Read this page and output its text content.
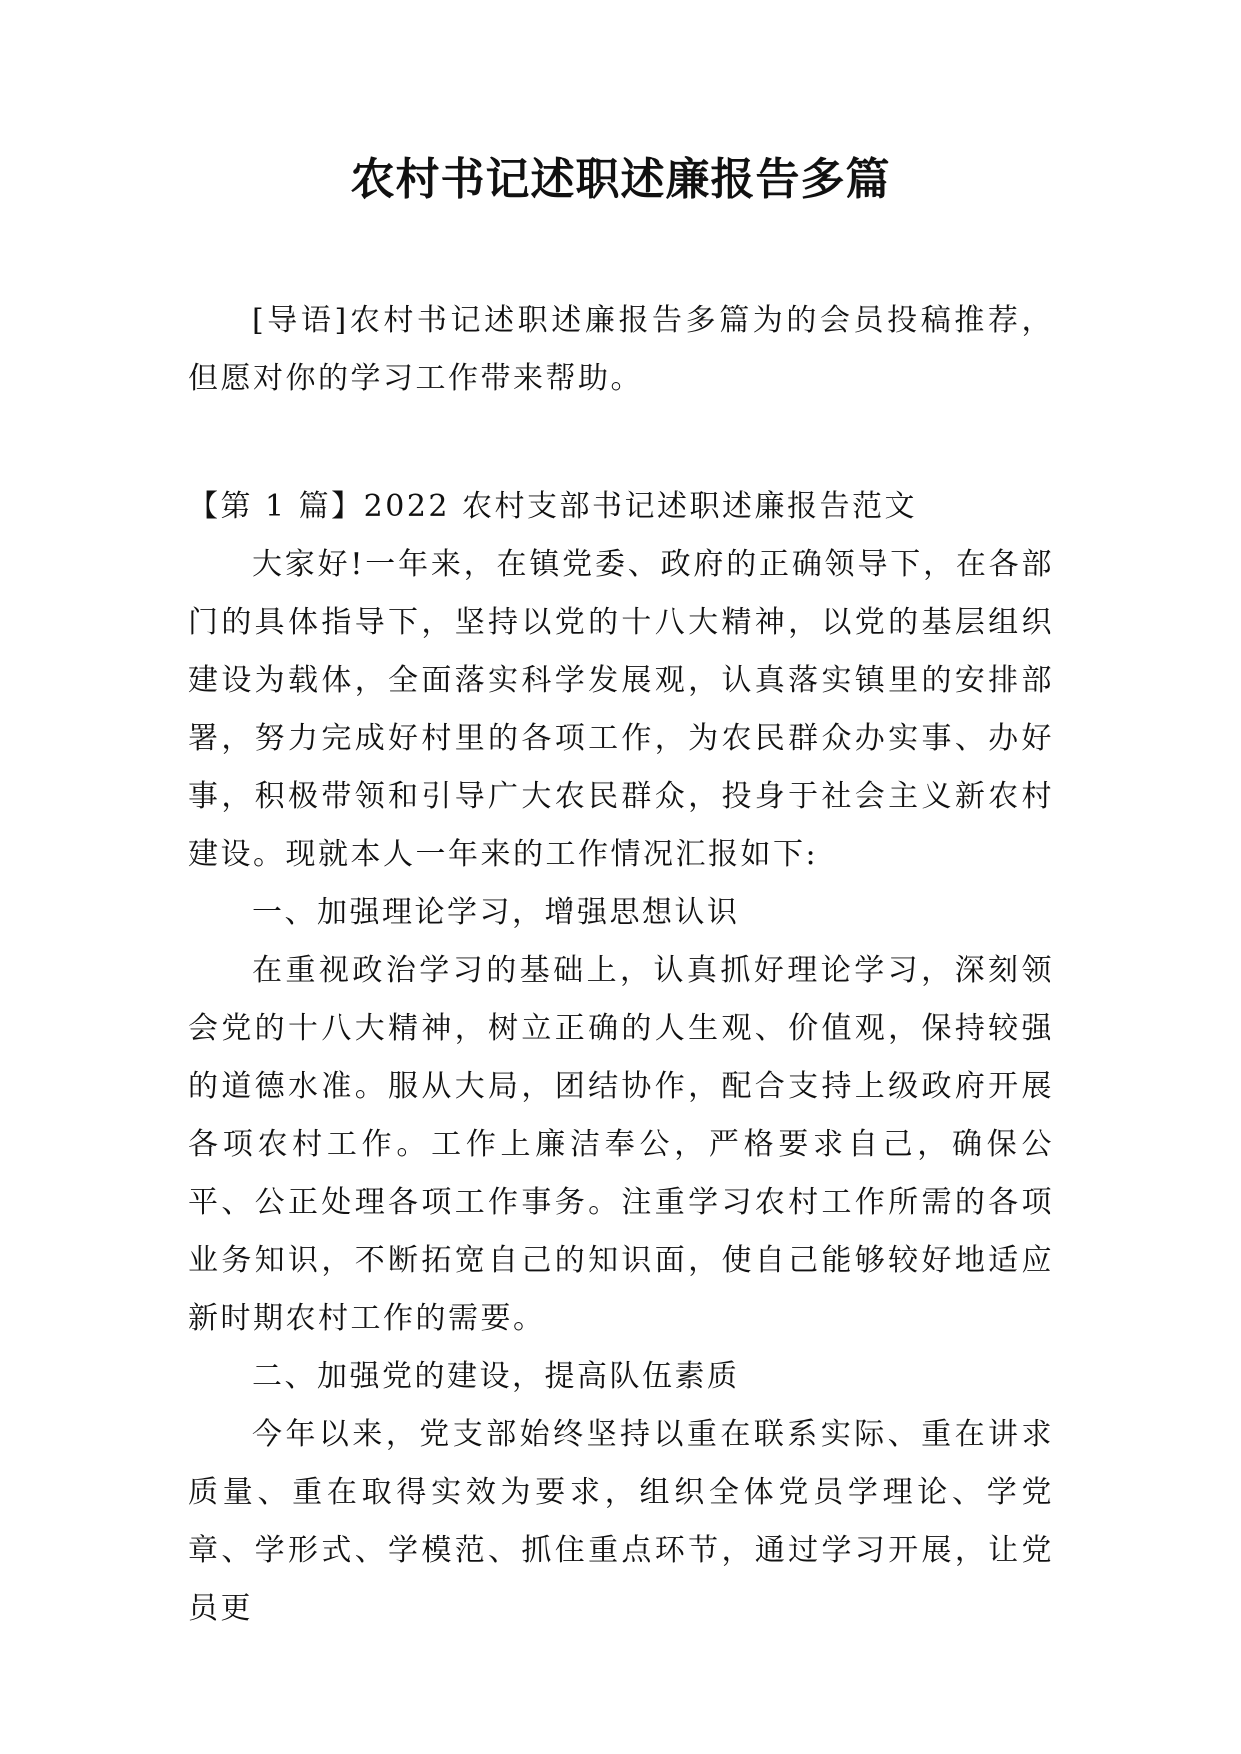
农村书记述职述廉报告多篇

[导语]农村书记述职述廉报告多篇为的会员投稿推荐，但愿对你的学习工作带来帮助。

【第 1 篇】2022 农村支部书记述职述廉报告范文

大家好!一年来，在镇党委、政府的正确领导下，在各部门的具体指导下，坚持以党的十八大精神，以党的基层组织建设为载体，全面落实科学发展观，认真落实镇里的安排部署，努力完成好村里的各项工作，为农民群众办实事、办好事，积极带领和引导广大农民群众，投身于社会主义新农村建设。现就本人一年来的工作情况汇报如下:

一、加强理论学习，增强思想认识

在重视政治学习的基础上，认真抓好理论学习，深刻领会党的十八大精神，树立正确的人生观、价值观，保持较强的道德水准。服从大局，团结协作，配合支持上级政府开展各项农村工作。工作上廉洁奉公，严格要求自己，确保公平、公正处理各项工作事务。注重学习农村工作所需的各项业务知识，不断拓宽自己的知识面，使自己能够较好地适应新时期农村工作的需要。

二、加强党的建设，提高队伍素质

今年以来，党支部始终坚持以重在联系实际、重在讲求质量、重在取得实效为要求，组织全体党员学理论、学党章、学形式、学模范、抓住重点环节，通过学习开展，让党员更
